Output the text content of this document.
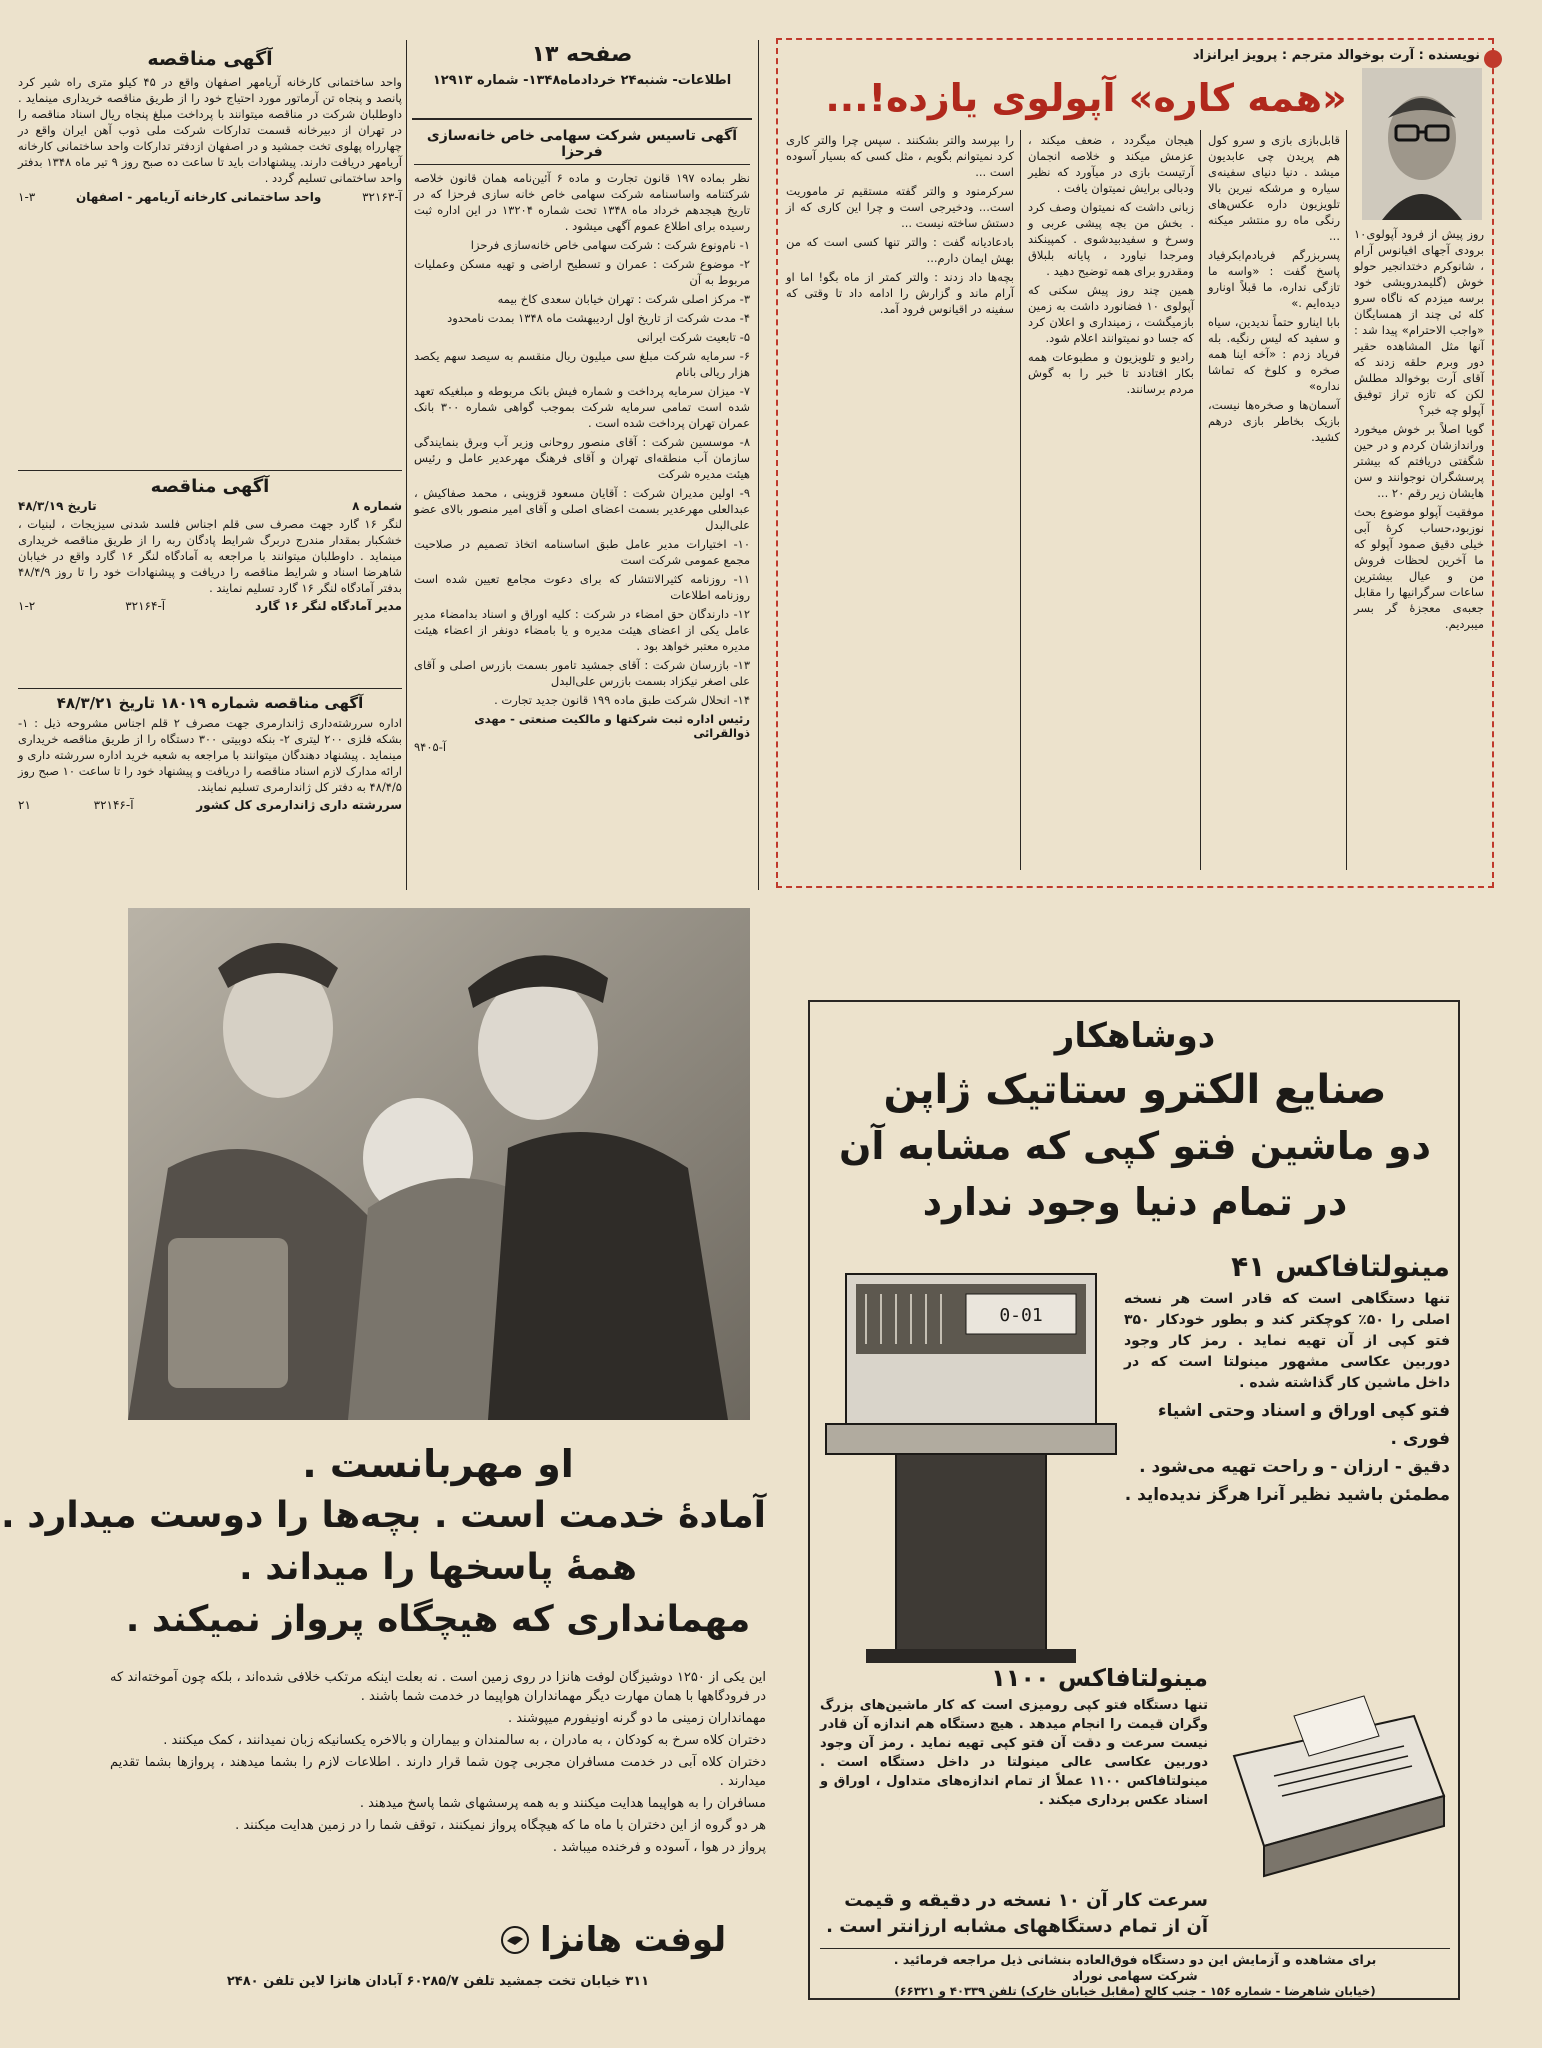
آگهی مناقصه

واحد ساختمانی کارخانه آریامهر اصفهان واقع در ۴۵ کیلو متری راه شیر کرد پانصد و پنجاه تن آرماتور مورد احتیاج خود را از طریق مناقصه خریداری مینماید . داوطلبان شرکت در مناقصه میتوانند با پرداخت مبلغ پنجاه ریال اسناد مناقصه را در تهران از دبیرخانه قسمت تدارکات شرکت ملی ذوب آهن ایران واقع در چهارراه پهلوی تخت جمشید و در اصفهان ازدفتر تدارکات واحد ساختمانی کارخانه آریامهر دریافت دارند. پیشنهادات باید تا ساعت ده صبح روز ۹ تیر ماه ۱۳۴۸ بدفتر واحد ساختمانی تسلیم گردد .

آ-۳۲۱۶۳
واحد ساختمانی کارخانه آریامهر - اصفهان
۱-۳
آگهی مناقصه
شماره ۸
تاریخ ۴۸/۳/۱۹

لنگر ۱۶ گارد جهت مصرف سی قلم اجناس فلسد شدنی سیزیجات ، لبنیات ، خشکبار بمقدار مندرج دربرگ شرایط پادگان ربه را از طریق مناقصه خریداری مینماید . داوطلبان میتوانند با مراجعه به آمادگاه لنگر ۱۶ گارد واقع در خیابان شاهرضا اسناد و شرایط مناقصه را دریافت و پیشنهادات خود را تا روز ۴۸/۴/۹ بدفتر آمادگاه لنگر ۱۶ گارد تسلیم نمایند .

مدیر آمادگاه لنگر ۱۶ گارد
آ-۳۲۱۶۴
۱-۲
آگهی مناقصه شماره ۱۸۰۱۹ تاریخ ۴۸/۳/۲۱

اداره سررشته‌داری ژاندارمری جهت مصرف ۲ قلم اجناس مشروحه ذیل : ۱- بشکه فلزی ۲۰۰ لیتری ۲- بنکه دوبیتی ۳۰۰ دستگاه را از طریق مناقصه خریداری مینماید . پیشنهاد دهندگان میتوانند با مراجعه به شعبه خرید اداره سررشته داری و ارائه مدارک لازم اسناد مناقصه را دریافت و پیشنهاد خود را تا ساعت ۱۰ صبح روز ۴۸/۴/۵ به دفتر کل ژاندارمری تسلیم نمایند.

سررشته داری ژاندارمری کل کشور
آ-۳۲۱۴۶
۲۱
صفحه ۱۳
اطلاعات- شنبه۲۴ خردادماه۱۳۴۸- شماره ۱۲۹۱۳
آگهی تاسیس شرکت سهامی خاص خانه‌سازی فرحزا

نظر بماده ۱۹۷ قانون تجارت و ماده ۶ آئین‌نامه همان قانون خلاصه شرکتنامه واساسنامه شرکت سهامی خاص خانه سازی فرحزا که در تاریخ هیجدهم خرداد ماه ۱۳۴۸ تحت شماره ۱۳۲۰۴ در این اداره ثبت رسیده برای اطلاع عموم آگهی میشود .

۱- نام‌ونوع شرکت : شرکت سهامی خاص خانه‌سازی فرحزا

۲- موضوع شرکت : عمران و تسطیح اراضی و تهیه مسکن وعملیات مربوط به آن

۳- مرکز اصلی شرکت : تهران خیابان سعدی کاخ بیمه

۴- مدت شرکت از تاریخ اول اردیبهشت ماه ۱۳۴۸ بمدت نامحدود

۵- تابعیت شرکت ایرانی

۶- سرمایه شرکت مبلغ سی میلیون ریال منقسم به سیصد سهم یکصد هزار ریالی بانام

۷- میزان سرمایه پرداخت و شماره فیش بانک مربوطه و مبلغیکه تعهد شده است تمامی سرمایه شرکت بموجب گواهی شماره ۳۰۰ بانک عمران تهران پرداخت شده است .

۸- موسسین شرکت : آقای منصور روحانی وزیر آب وبرق بنمایندگی سازمان آب منطقه‌ای تهران و آقای فرهنگ مهرعدیر عامل و رئیس هیئت مدیره شرکت

۹- اولین مدیران شرکت : آقایان مسعود قزوینی ، محمد صفاکیش ، عبدالعلی مهرعدیر بسمت اعضای اصلی و آقای امیر منصور بالای عضو علی‌البدل

۱۰- اختیارات مدیر عامل طبق اساسنامه اتخاذ تصمیم در صلاحیت مجمع عمومی شرکت است

۱۱- روزنامه کثیرالانتشار که برای دعوت مجامع تعیین شده است روزنامه اطلاعات

۱۲- دارندگان حق امضاء در شرکت : کلیه اوراق و اسناد بدامضاء مدیر عامل یکی از اعضای هیئت مدیره و یا بامضاء دونفر از اعضاء هیئت مدیره معتبر خواهد بود .

۱۳- بازرسان شرکت : آقای جمشید تامور بسمت بازرس اصلی و آقای علی اصغر نیکزاد بسمت بازرس علی‌البدل

۱۴- انحلال شرکت طبق ماده ۱۹۹ قانون جدید تجارت .

رئیس اداره ثبت شرکتها و مالکیت صنعتی - مهدی ذوالقرائی
آ-۹۴۰۵
نویسنده : آرت بوخوالد مترجم : پرویز ایرانزاد
«همه کاره» آپولوی یازده!...

روز پیش از فرود آپولوی۱۰ برودی آجهای افیانوس آرام ، شانوکرم دختدانجیر حولو خوش (گلیمدرویشی خود برسه میزدم که ناگاه سرو کله ئی چند از همسایگان «واجب الاحترام» پیدا شد : آنها مثل المشاهده حقیر دور وبرم حلقه زدند که آقای آرت بوخوالد مطلش لکن که تازه تراز توفیق آپولو چه خبر؟

گویا اصلاً بر خوش میخورد وراندازشان کردم و در حین شگفتی دریافتم که بیشتر پرسشگران نوجوانند و سن هایشان زیر رقم ۲۰ ...

موفقیت آپولو موضوع بحث نوزبود،حساب کرهٔ آبی خیلی دقیق صمود آپولو که ما آخرین لحظات فروش من و عیال بیشترین ساعات سرگرانیها را مقابل جعبه‌ی معجزهٔ گر بسر میبردیم.

قابل‌بازی بازی و سرو کول هم پریدن چی عابدیون میشد . دنیا دنیای سفینه‌ی سیاره و مرشکه نیرین بالا تلویزیون داره عکس‌های رنگی ماه رو منتشر میکنه ...

پسربزرگم فریادم‌‌ابکرفیاد پاسخ گفت : «واسه ما تازگی نداره، ما قبلاً اونارو دیده‌ایم .»

بابا اینارو حتماً ندیدین، سیاه و سفید که لیس رنگیه. بله فریاد زدم : «آخه اینا همه صخره و کلوخ که تماشا نداره»

آسمان‌ها و صخره‌ها نیست، بازیک بخاطر بازی درهم کشید.

هیجان میگردد ، ضعف میکند ، عزمش میکند و خلاصه انجمان آرتیست بازی در میآورد که نظیر ودبالی برایش نمیتوان یافت .

زبانی داشت که نمیتوان وصف کرد . بخش من بچه پیشی عربی و وسرخ و سفیدبیدشوی . کمپینکند ومرجدا نیاورد ، پایانه بلبلاق ومقدرو برای همه توضیح دهید .

همین چند روز پیش سکنی که آپولوی ۱۰ فضانورد داشت به زمین بازمیگشت ، زمینداری و اعلان کرد که جسا دو نمیتوانند اعلام شود.

رادیو و تلویزیون و مطبوعات همه بکار افتادند تا خبر را به گوش مردم برسانند.

را بپرسد والتر بشکنند . سپس چرا والتر کاری کرد نمیتوانم بگویم ، مثل کسی که بسیار آسوده است ...

سرکرمنود و والتر گفته مستقیم تر ماموریت است... ودخیرجی است و چرا این کاری که از دستش ساخته نیست ...

بادعادیانه گفت : والتر تنها کسی است که من بهش ایمان دارم...

بچه‌ها داد زدند : والتر کمتر از ماه بگو! اما او آرام ماند و گزارش را ادامه داد تا وقتی که سفینه در اقیانوس فرود آمد.

او مهربانست .
آمادهٔ خدمت است . بچه‌ها را دوست میدارد .
همهٔ پاسخها را میداند .
مهمانداری که هیچگاه پرواز نمیکند .

این یکی از ۱۲۵۰ دوشیزگان لوفت هانزا در روی زمین است . نه بعلت اینکه مرتکب خلافی شده‌اند ، بلکه چون آموخته‌اند که در فرودگاهها با همان مهارت دیگر مهمانداران هواپیما در خدمت شما باشند .

مهمانداران زمینی ما دو گرنه اونیفورم میپوشند .

دختران کلاه سرخ به کودکان ، به مادران ، به سالمندان و بیماران و بالاخره یکسانیکه زبان نمیدانند ، کمک میکنند .

دختران کلاه آبی در خدمت مسافران مجربی چون شما قرار دارند . اطلاعات لازم را بشما میدهند ، پروازها بشما تقدیم میدارند .

مسافران را به هواپیما هدایت میکنند و به همه پرسشهای شما پاسخ میدهند .

هر دو گروه از این دختران با ماه ما که هیچگاه پرواز نمیکنند ، توقف شما را در زمین هدایت میکنند .

پرواز در هوا ، آسوده و فرخنده میباشد .

لوفت هانزا
۳۱۱ خیابان تخت جمشید تلفن ۶۰۲۸۵/۷ آبادان هانزا لاین تلفن ۲۴۸۰
دوشاهکار
صنایع الکترو ستاتیک ژاپن
دو ماشین فتو کپی که مشابه آن
در تمام دنیا وجود ندارد
0-01
مینولتافاکس ۴۱

تنها دستگاهی است که قادر است هر نسخه اصلی را ۵۰٪ کوچکتر کند و بطور خودکار ۳۵۰ فتو کپی از آن تهیه نماید . رمز کار وجود دوربین عکاسی مشهور مینولتا است که در داخل ماشین کار گذاشته شده .

فتو کپی اوراق و اسناد وحتی اشیاء فوری .
دقیق - ارزان - و راحت تهیه می‌شود .
مطمئن باشید نظیر آنرا هرگز ندیده‌اید .
مینولتافاکس ۱۱۰۰

تنها دستگاه فتو کپی رومیزی است که کار ماشین‌های بزرگ وگران قیمت را انجام میدهد . هیچ دستگاه هم اندازه آن قادر نیست سرعت و دقت آن فتو کپی تهیه نماید . رمز آن وجود دوربین عکاسی عالی مینولتا در داخل دستگاه است . مینولتافاکس ۱۱۰۰ عملاً از تمام اندازه‌های متداول ، اوراق و اسناد عکس برداری میکند .

سرعت کار آن ۱۰ نسخه در دقیقه و قیمت آن از تمام دستگاههای مشابه ارزانتر است .
برای مشاهده و آزمایش این دو دستگاه فوق‌العاده بنشانی ذیل مراجعه فرمائید .
شرکت سهامی نوراد
(خیابان شاهرضا - شماره ۱۵۶ - جنب کالج (مقابل خیابان خارک) تلفن ۴۰۳۳۹ و ۶۶۳۲۱)
